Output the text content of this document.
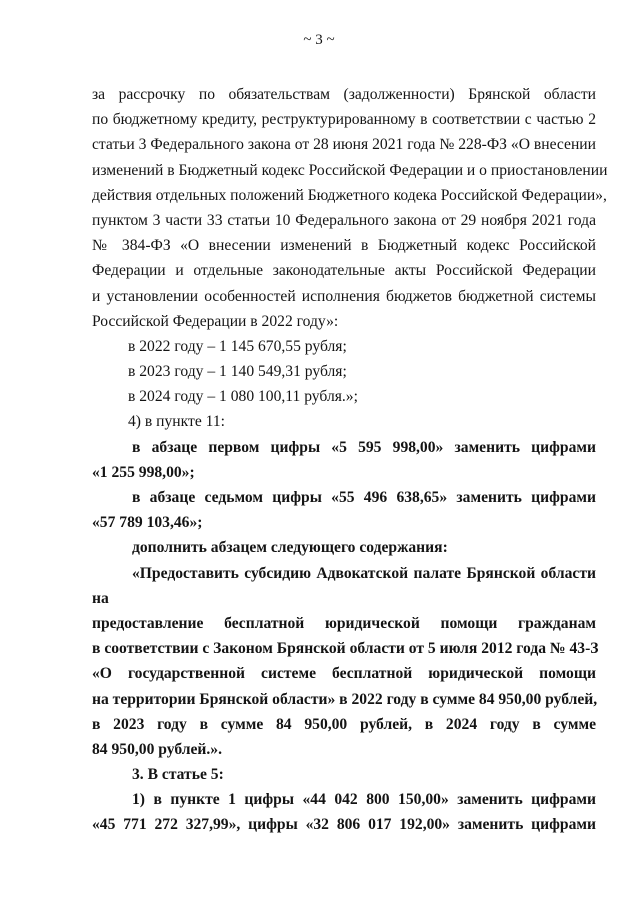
~ 3 ~
за рассрочку по обязательствам (задолженности) Брянской области
по бюджетному кредиту, реструктурированному в соответствии с частью 2
статьи 3 Федерального закона от 28 июня 2021 года № 228-ФЗ «О внесении
изменений в Бюджетный кодекс Российской Федерации и о приостановлении
действия отдельных положений Бюджетного кодека Российской Федерации»,
пунктом 3 части 33 статьи 10 Федерального закона от 29 ноября 2021 года
№ 384-ФЗ «О внесении изменений в Бюджетный кодекс Российской
Федерации и отдельные законодательные акты Российской Федерации
и установлении особенностей исполнения бюджетов бюджетной системы
Российской Федерации в 2022 году»:
в 2022 году – 1 145 670,55 рубля;
в 2023 году – 1 140 549,31 рубля;
в 2024 году – 1 080 100,11 рубля.»;
4) в пункте 11:
в абзаце первом цифры «5 595 998,00» заменить цифрами
«1 255 998,00»;
в абзаце седьмом цифры «55 496 638,65» заменить цифрами
«57 789 103,46»;
дополнить абзацем следующего содержания:
«Предоставить субсидию Адвокатской палате Брянской области
на
предоставление бесплатной юридической помощи гражданам
в соответствии с Законом Брянской области от 5 июля 2012 года № 43-З
«О государственной системе бесплатной юридической помощи
на территории Брянской области» в 2022 году в сумме 84 950,00 рублей,
в 2023 году в сумме 84 950,00 рублей, в 2024 году в сумме
84 950,00 рублей.».
3. В статье 5:
1) в пункте 1 цифры «44 042 800 150,00» заменить цифрами
«45 771 272 327,99», цифры «32 806 017 192,00» заменить цифрами
